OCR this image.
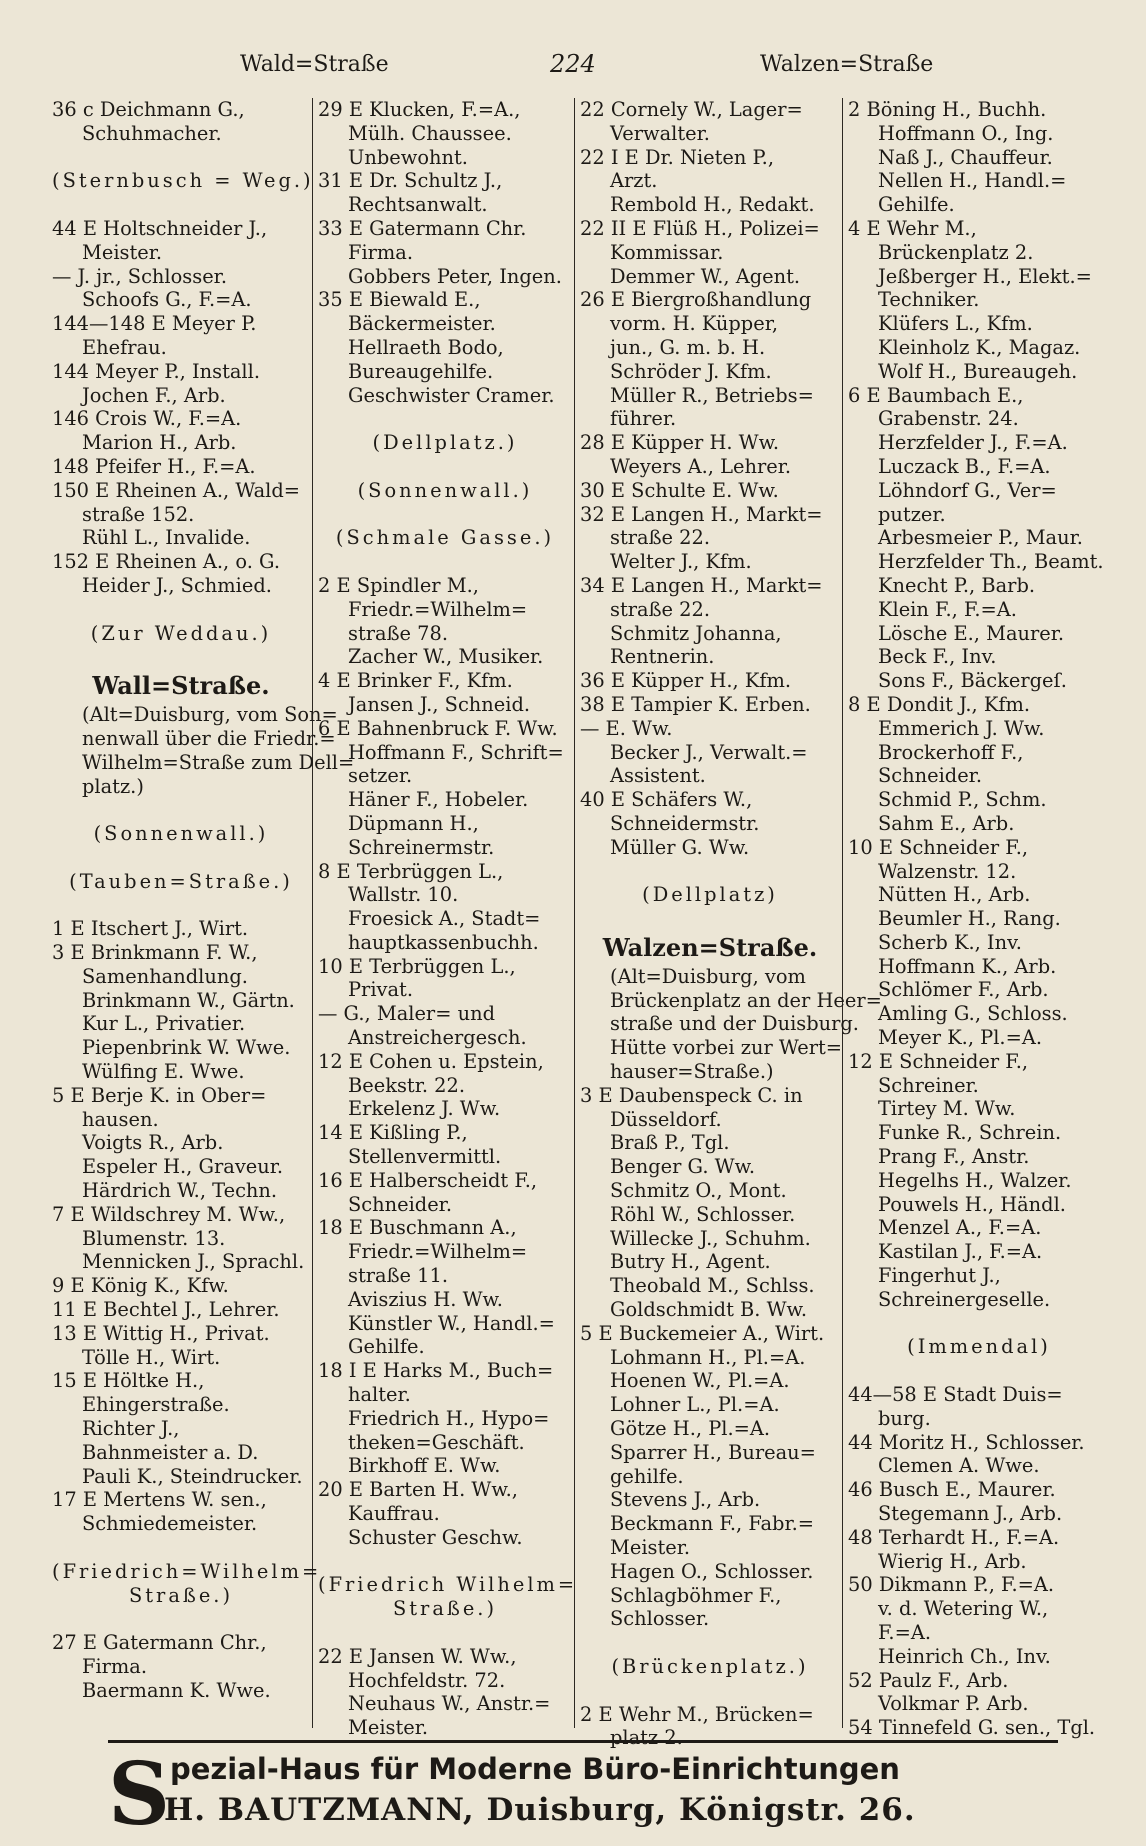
Wald=Straße	224	Walzen=Straße
36 c Deichmann G.,
Schuhmacher.
(Sternbusch = Weg.)
44 E Holtschneider J.,
Meister.
— J. jr., Schlosser.
Schoofs G., F.=A.
144—148 E Meyer P.
Ehefrau.
144 Meyer P., Install.
Jochen F., Arb.
146 Crois W., F.=A.
Marion H., Arb.
148 Pfeifer H., F.=A.
150 E Rheinen A., Wald=
straße 152.
Rühl L., Invalide.
152 E Rheinen A., o. G.
Heider J., Schmied.
(Zur Weddau.)
Wall=Straße.
(Alt=Duisburg, vom Son=
nenwall über die Friedr.=
Wilhelm=Straße zum Dell=
platz.)
(Sonnenwall.)
(Tauben=Straße.)
1 E Itschert J., Wirt.
3 E Brinkmann F. W.,
Samenhandlung.
Brinkmann W., Gärtn.
Kur L., Privatier.
Piepenbrink W. Wwe.
Wülfing E. Wwe.
5 E Berje K. in Ober=
hausen.
Voigts R., Arb.
Espeler H., Graveur.
Härdrich W., Techn.
7 E Wildschrey M. Ww.,
Blumenstr. 13.
Mennicken J., Sprachl.
9 E König K., Kfw.
11 E Bechtel J., Lehrer.
13 E Wittig H., Privat.
Tölle H., Wirt.
15 E Höltke H.,
Ehingerstraße.
Richter J.,
Bahnmeister a. D.
Pauli K., Steindrucker.
17 E Mertens W. sen.,
Schmiedemeister.
(Friedrich=Wilhelm=
Straße.)
27 E Gatermann Chr.,
Firma.
Baermann K. Wwe.
29 E Klucken, F.=A.,
Mülh. Chaussee.
Unbewohnt.
31 E Dr. Schultz J.,
Rechtsanwalt.
33 E Gatermann Chr.
Firma.
Gobbers Peter, Ingen.
35 E Biewald E.,
Bäckermeister.
Hellraeth Bodo,
Bureaugehilfe.
Geschwister Cramer.
(Dellplatz.)
(Sonnenwall.)
(Schmale Gasse.)
2 E Spindler M.,
Friedr.=Wilhelm=
straße 78.
Zacher W., Musiker.
4 E Brinker F., Kfm.
Jansen J., Schneid.
6 E Bahnenbruck F. Ww.
Hoffmann F., Schrift=
setzer.
Häner F., Hobeler.
Düpmann H.,
Schreinermstr.
8 E Terbrüggen L.,
Wallstr. 10.
Froesick A., Stadt=
hauptkassenbuchh.
10 E Terbrüggen L.,
Privat.
— G., Maler= und
Anstreichergesch.
12 E Cohen u. Epstein,
Beekstr. 22.
Erkelenz J. Ww.
14 E Kißling P.,
Stellenvermittl.
16 E Halberscheidt F.,
Schneider.
18 E Buschmann A.,
Friedr.=Wilhelm=
straße 11.
Aviszius H. Ww.
Künstler W., Handl.=
Gehilfe.
18 I E Harks M., Buch=
halter.
Friedrich H., Hypo=
theken=Geschäft.
Birkhoff E. Ww.
20 E Barten H. Ww.,
Kauffrau.
Schuster Geschw.
(Friedrich Wilhelm=
Straße.)
22 E Jansen W. Ww.,
Hochfeldstr. 72.
Neuhaus W., Anstr.=
Meister.
22 Cornely W., Lager=
Verwalter.
22 I E Dr. Nieten P.,
Arzt.
Rembold H., Redakt.
22 II E Flüß H., Polizei=
Kommissar.
Demmer W., Agent.
26 E Biergroßhandlung
vorm. H. Küpper,
jun., G. m. b. H.
Schröder J. Kfm.
Müller R., Betriebs=
führer.
28 E Küpper H. Ww.
Weyers A., Lehrer.
30 E Schulte E. Ww.
32 E Langen H., Markt=
straße 22.
Welter J., Kfm.
34 E Langen H., Markt=
straße 22.
Schmitz Johanna,
Rentnerin.
36 E Küpper H., Kfm.
38 E Tampier K. Erben.
— E. Ww.
Becker J., Verwalt.=
Assistent.
40 E Schäfers W.,
Schneidermstr.
Müller G. Ww.
(Dellplatz)
Walzen=Straße.
(Alt=Duisburg, vom
Brückenplatz an der Heer=
straße und der Duisburg.
Hütte vorbei zur Wert=
hauser=Straße.)
3 E Daubenspeck C. in
Düsseldorf.
Braß P., Tgl.
Benger G. Ww.
Schmitz O., Mont.
Röhl W., Schlosser.
Willecke J., Schuhm.
Butry H., Agent.
Theobald M., Schlss.
Goldschmidt B. Ww.
5 E Buckemeier A., Wirt.
Lohmann H., Pl.=A.
Hoenen W., Pl.=A.
Lohner L., Pl.=A.
Götze H., Pl.=A.
Sparrer H., Bureau=
gehilfe.
Stevens J., Arb.
Beckmann F., Fabr.=
Meister.
Hagen O., Schlosser.
Schlagböhmer F.,
Schlosser.
(Brückenplatz.)
2 E Wehr M., Brücken=
platz 2.
2 Böning H., Buchh.
Hoffmann O., Ing.
Naß J., Chauffeur.
Nellen H., Handl.=
Gehilfe.
4 E Wehr M.,
Brückenplatz 2.
Jeßberger H., Elekt.=
Techniker.
Klüfers L., Kfm.
Kleinholz K., Magaz.
Wolf H., Bureaugeh.
6 E Baumbach E.,
Grabenstr. 24.
Herzfelder J., F.=A.
Luczack B., F.=A.
Löhndorf G., Ver=
putzer.
Arbesmeier P., Maur.
Herzfelder Th., Beamt.
Knecht P., Barb.
Klein F., F.=A.
Lösche E., Maurer.
Beck F., Inv.
Sons F., Bäckergeſ.
8 E Dondit J., Kfm.
Emmerich J. Ww.
Brockerhoff F.,
Schneider.
Schmid P., Schm.
Sahm E., Arb.
10 E Schneider F.,
Walzenstr. 12.
Nütten H., Arb.
Beumler H., Rang.
Scherb K., Inv.
Hoffmann K., Arb.
Schlömer F., Arb.
Amling G., Schloss.
Meyer K., Pl.=A.
12 E Schneider F.,
Schreiner.
Tirtey M. Ww.
Funke R., Schrein.
Prang F., Anstr.
Hegelhs H., Walzer.
Pouwels H., Händl.
Menzel A., F.=A.
Kastilan J., F.=A.
Fingerhut J.,
Schreinergeselle.
(Immendal)
44—58 E Stadt Duis=
burg.
44 Moritz H., Schlosser.
Clemen A. Wwe.
46 Busch E., Maurer.
Stegemann J., Arb.
48 Terhardt H., F.=A.
Wierig H., Arb.
50 Dikmann P., F.=A.
v. d. Wetering W.,
F.=A.
Heinrich Ch., Inv.
52 Paulz F., Arb.
Volkmar P. Arb.
54 Tinnefeld G. sen., Tgl.
S pezial-Haus für Moderne Büro-Einrichtungen
H. BAUTZMANN, Duisburg, Königstr. 26.
